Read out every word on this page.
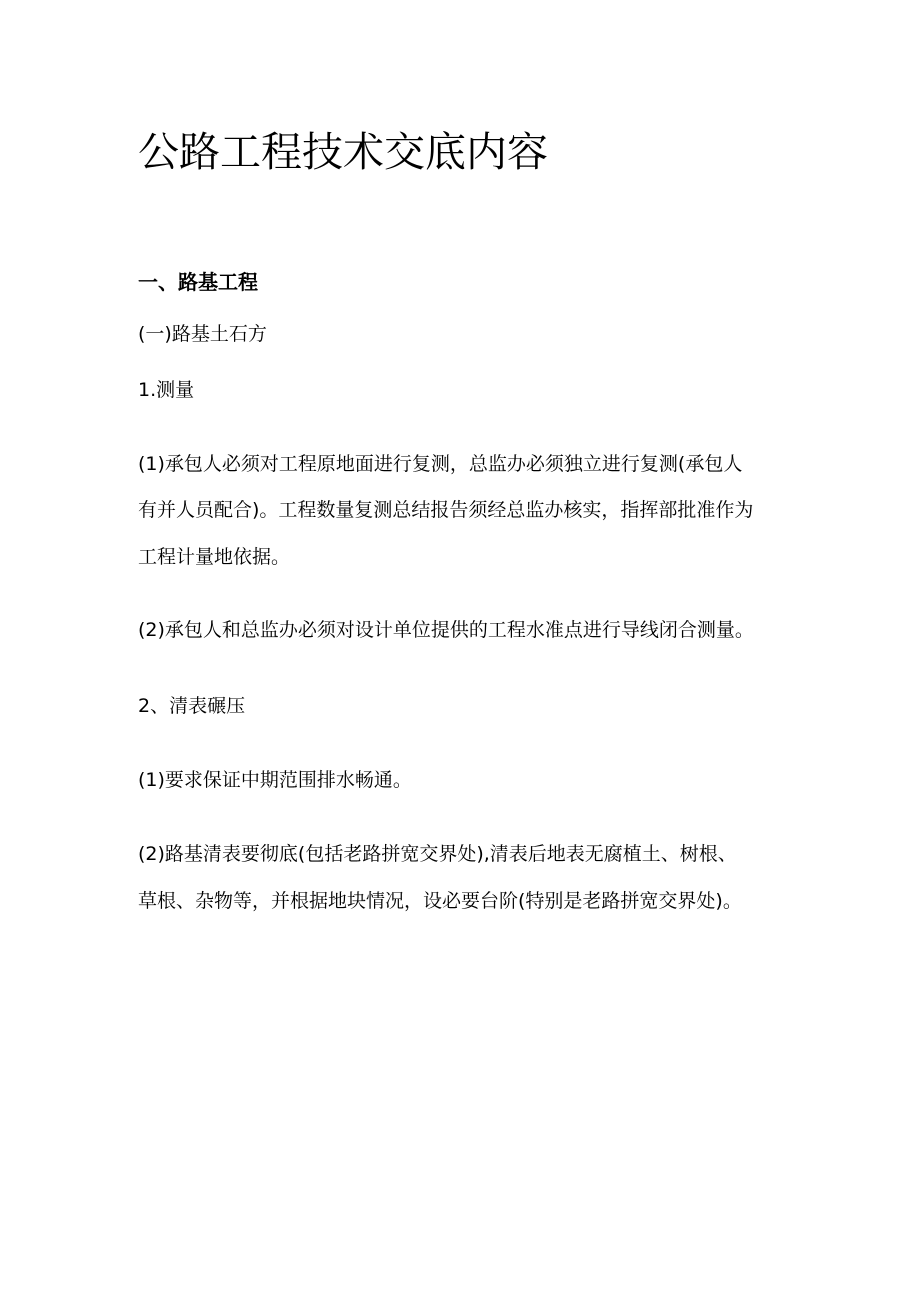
公路工程技术交底内容

一、路基工程

(一)路基土石方

1.测量

(1)承包人必须对工程原地面进行复测，总监办必须独立进行复测(承包人

有并人员配合)。工程数量复测总结报告须经总监办核实，指挥部批准作为

工程计量地依据。

(2)承包人和总监办必须对设计单位提供的工程水准点进行导线闭合测量。

2、清表碾压

(1)要求保证中期范围排水畅通。

(2)路基清表要彻底(包括老路拼宽交界处),清表后地表无腐植土、树根、

草根、杂物等，并根据地块情况，设必要台阶(特别是老路拼宽交界处)。
